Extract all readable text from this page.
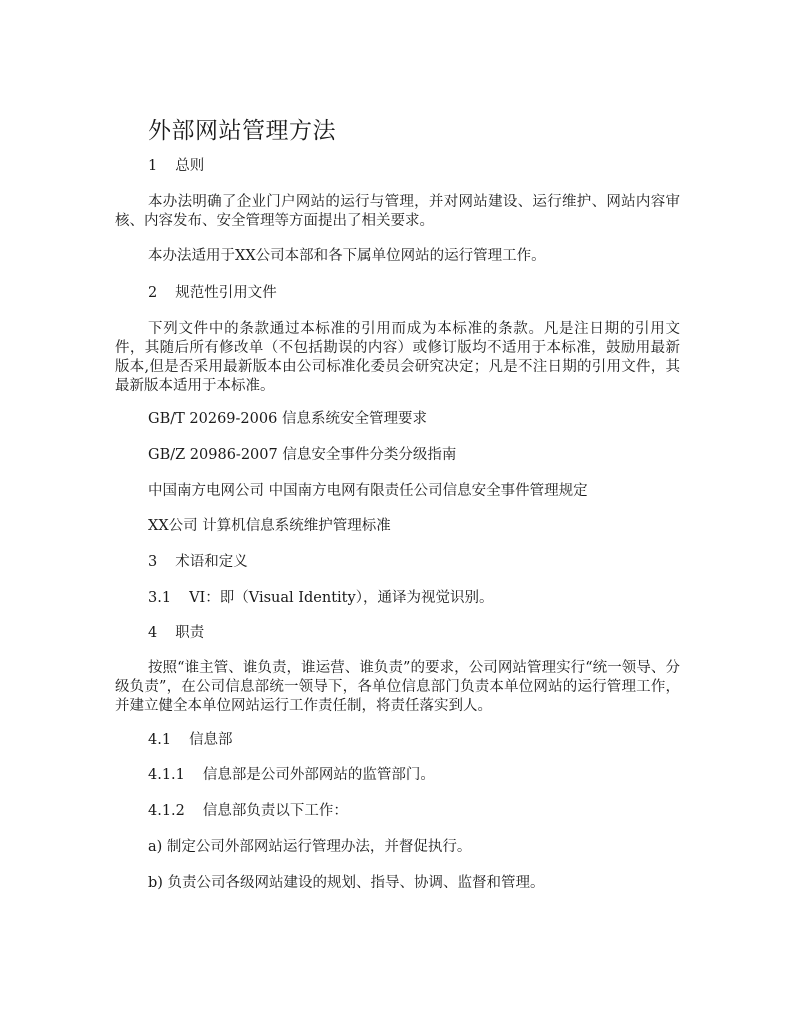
外部网站管理方法
1 总则
本办法明确了企业门户网站的运行与管理，并对网站建设、运行维护、网站内容审核、内容发布、安全管理等方面提出了相关要求。
本办法适用于XX公司本部和各下属单位网站的运行管理工作。
2 规范性引用文件
下列文件中的条款通过本标准的引用而成为本标准的条款。凡是注日期的引用文件，其随后所有修改单（不包括勘误的内容）或修订版均不适用于本标准，鼓励用最新版本,但是否采用最新版本由公司标准化委员会研究决定；凡是不注日期的引用文件，其最新版本适用于本标准。
GB/T 20269-2006 信息系统安全管理要求
GB/Z 20986-2007 信息安全事件分类分级指南
中国南方电网公司 中国南方电网有限责任公司信息安全事件管理规定
XX公司 计算机信息系统维护管理标准
3 术语和定义
3.1 VI：即（Visual Identity），通译为视觉识别。
4 职责
按照“谁主管、谁负责，谁运营、谁负责”的要求，公司网站管理实行“统一领导、分级负责”，在公司信息部统一领导下，各单位信息部门负责本单位网站的运行管理工作，并建立健全本单位网站运行工作责任制，将责任落实到人。
4.1 信息部
4.1.1 信息部是公司外部网站的监管部门。
4.1.2 信息部负责以下工作：
a) 制定公司外部网站运行管理办法，并督促执行。
b) 负责公司各级网站建设的规划、指导、协调、监督和管理。
